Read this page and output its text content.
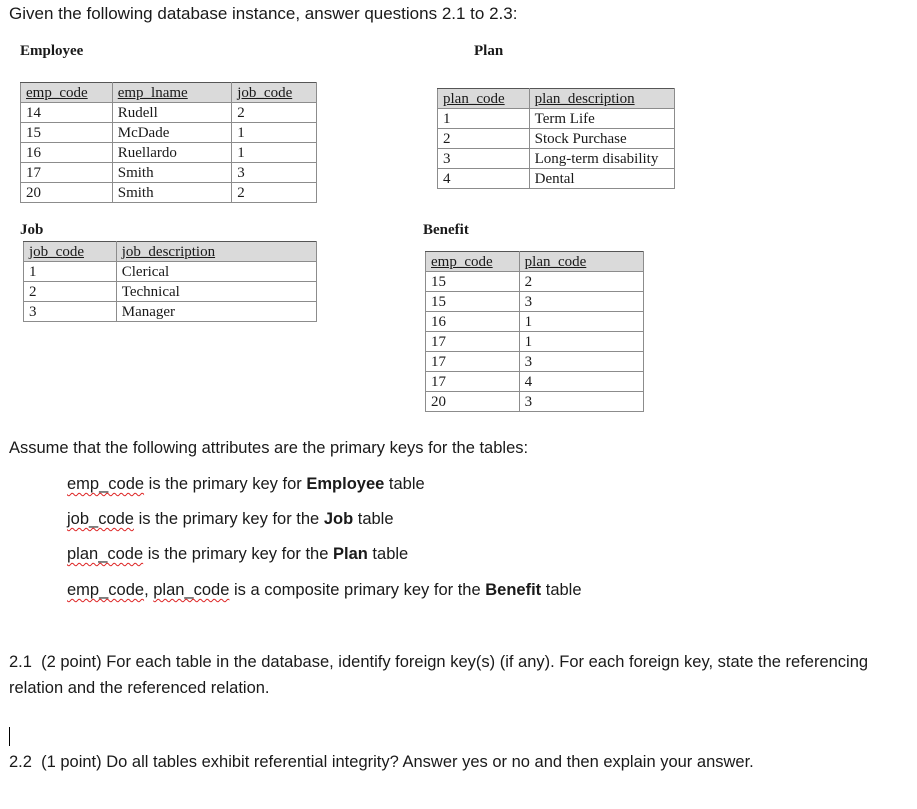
Given the following database instance, answer questions 2.1 to 2.3:
Employee
emp_code	emp_lname	job_code
14	Rudell	2
15	McDade	1
16	Ruellardo	1
17	Smith	3
20	Smith	2
Plan
plan_code	plan_description
1	Term Life
2	Stock Purchase
3	Long-term disability
4	Dental
Job
job_code	job_description
1	Clerical
2	Technical
3	Manager
Benefit
emp_code	plan_code
15	2
15	3
16	1
17	1
17	3
17	4
20	3
Assume that the following attributes are the primary keys for the tables:
emp_code is the primary key for Employee table
job_code is the primary key for the Job table
plan_code is the primary key for the Plan table
emp_code, plan_code is a composite primary key for the Benefit table
2.1 (2 point) For each table in the database, identify foreign key(s) (if any). For each foreign key, state the referencing relation and the referenced relation.
2.2 (1 point) Do all tables exhibit referential integrity? Answer yes or no and then explain your answer.
